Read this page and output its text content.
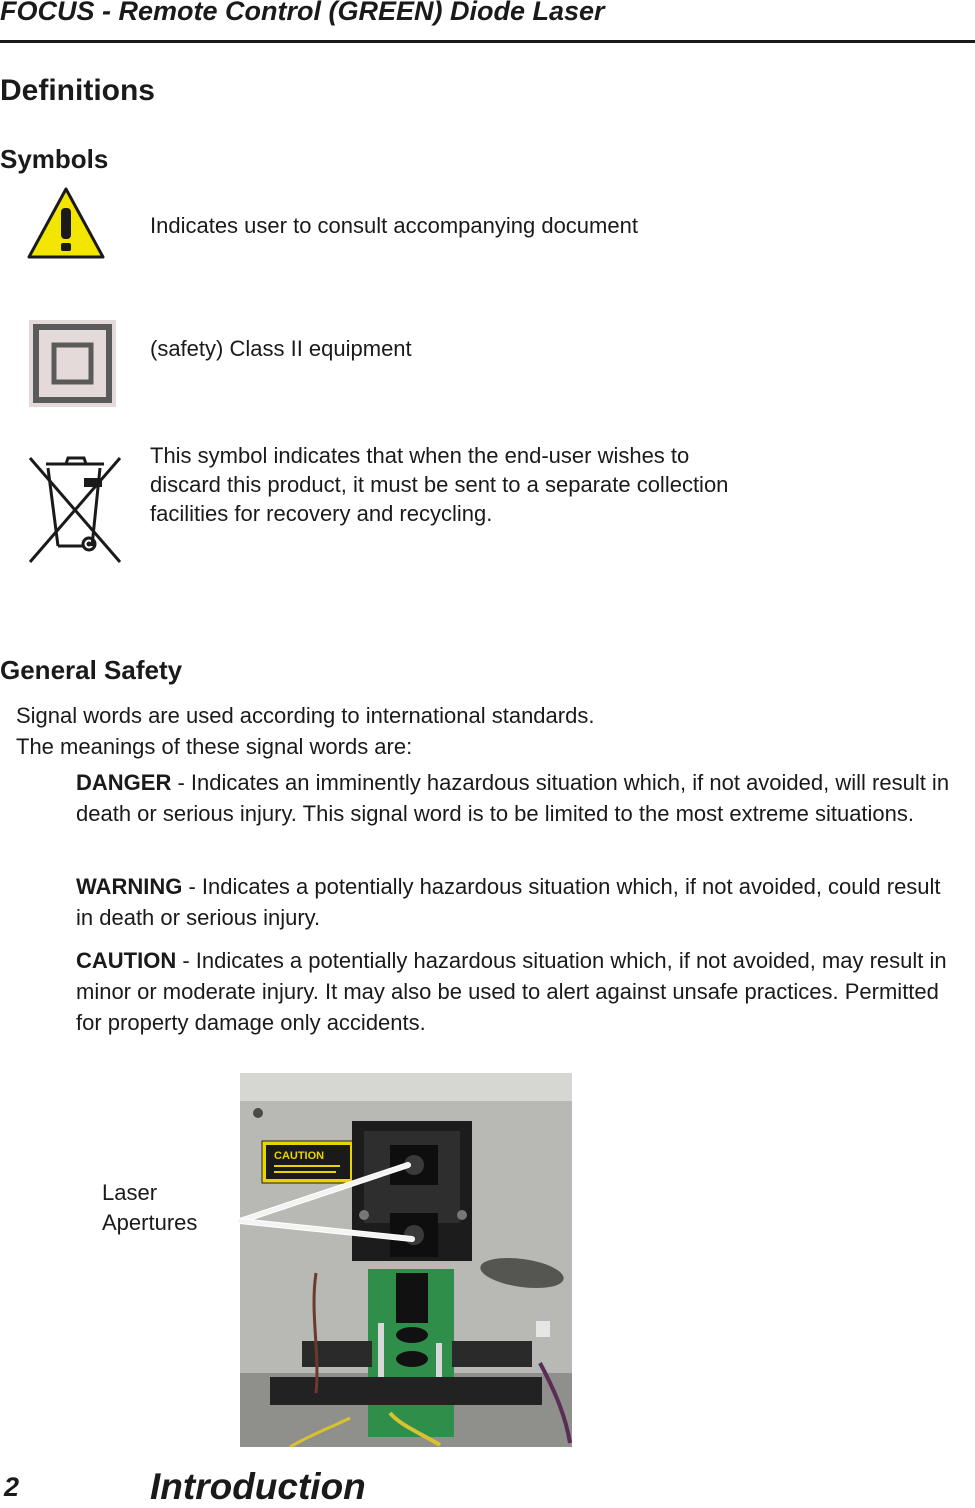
FOCUS - Remote Control (GREEN) Diode Laser
Definitions
Symbols
Indicates user to consult accompanying document
(safety) Class II equipment
This symbol indicates that when the end-user wishes to discard this product, it must be sent to a separate collection facilities for recovery and recycling.
General Safety
Signal words are used according to international standards.
The meanings of these signal words are:
DANGER - Indicates an imminently hazardous situation which, if not avoided, will result in death or serious injury. This signal word is to be limited to the most extreme situations.
WARNING - Indicates a potentially hazardous situation which, if not avoided, could result in death or serious injury.
CAUTION - Indicates a potentially hazardous situation which, if not avoided, may result in minor or moderate injury. It may also be used to alert against unsafe practices. Permitted for property damage only accidents.
Laser
Apertures
CAUTION
2	Introduction
